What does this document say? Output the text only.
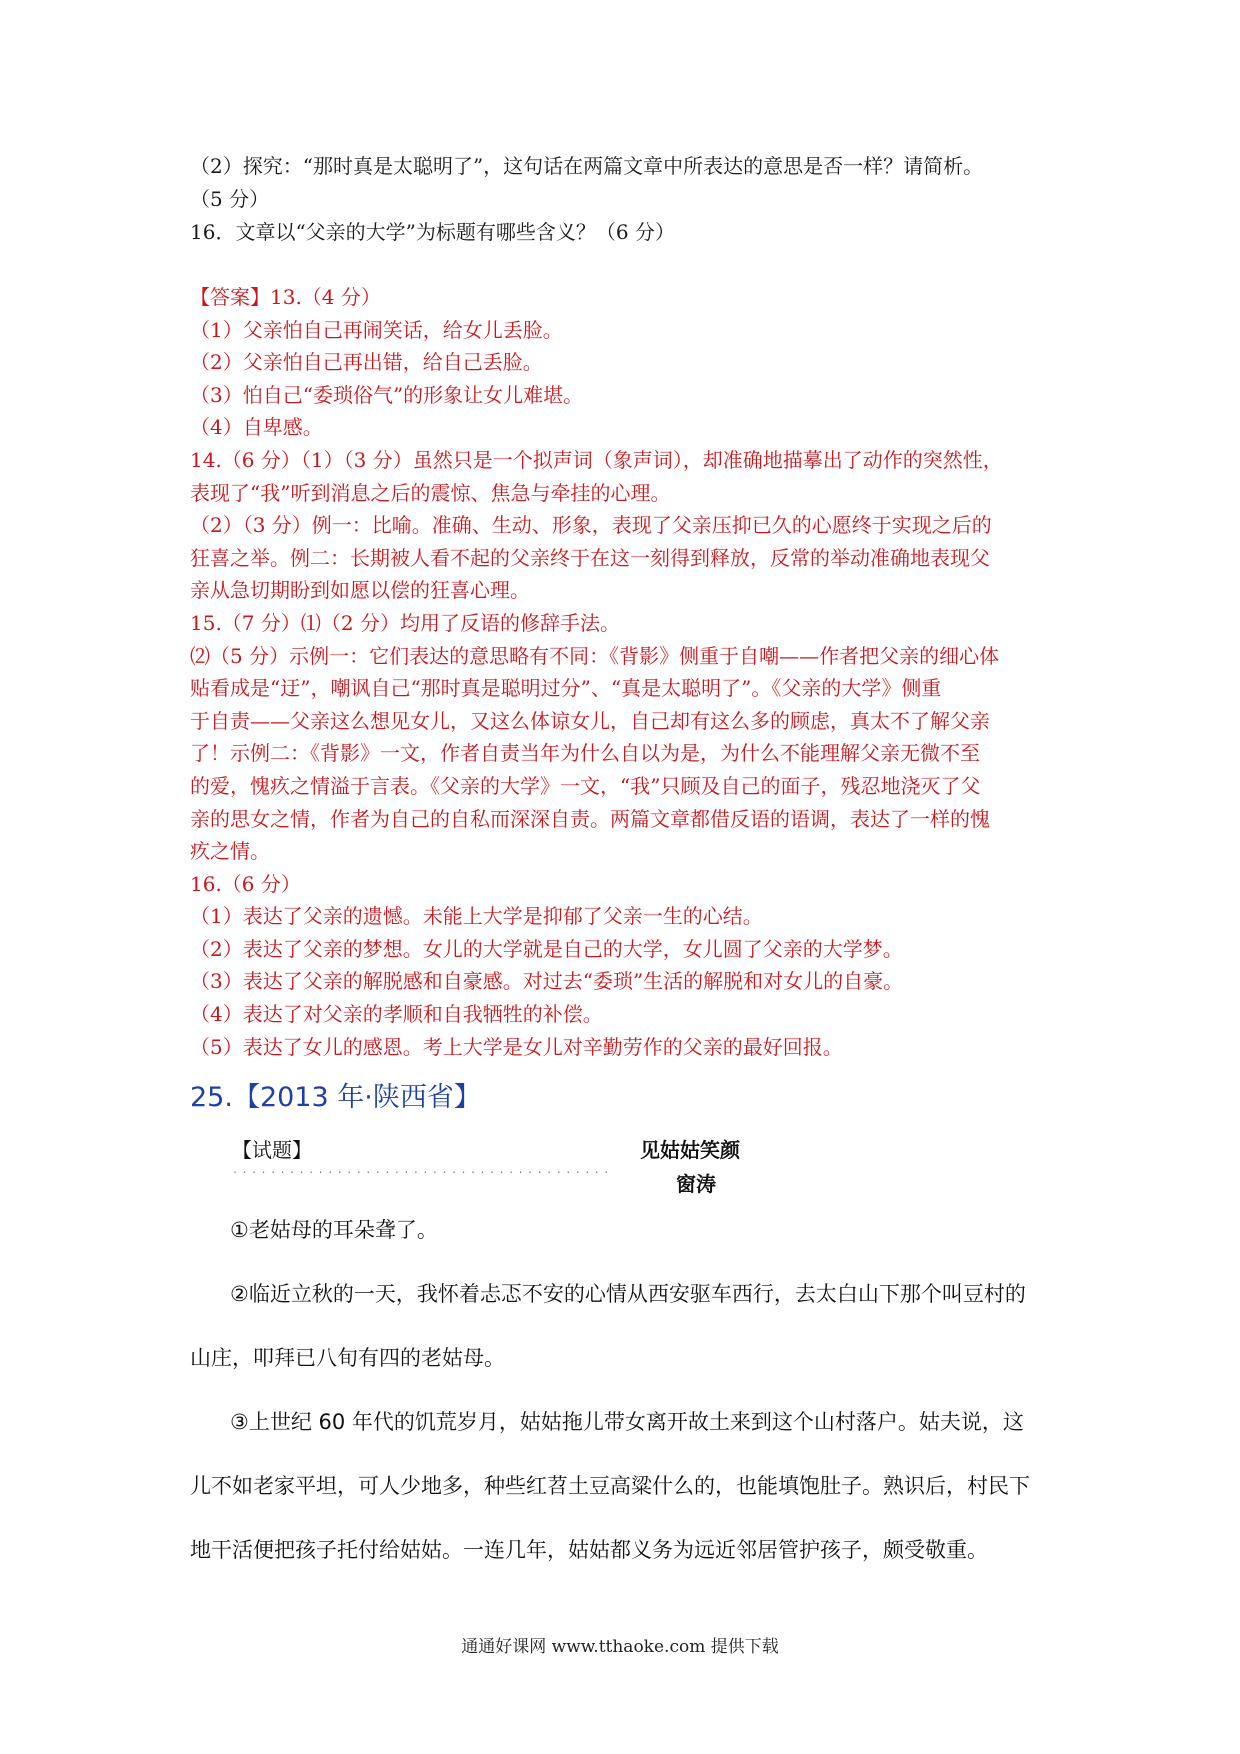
（2）探究：“那时真是太聪明了”，这句话在两篇文章中所表达的意思是否一样？请简析。
（5 分）
16．文章以“父亲的大学”为标题有哪些含义？（6 分）
【答案】13.（4 分）
（1）父亲怕自己再闹笑话，给女儿丢脸。
（2）父亲怕自己再出错，给自己丢脸。
（3）怕自己“委琐俗气”的形象让女儿难堪。
（4）自卑感。
14.（6 分）（1）（3 分）虽然只是一个拟声词（象声词），却准确地描摹出了动作的突然性，
表现了“我”听到消息之后的震惊、焦急与牵挂的心理。
（2）（3 分）例一：比喻。准确、生动、形象，表现了父亲压抑已久的心愿终于实现之后的
狂喜之举。例二：长期被人看不起的父亲终于在这一刻得到释放，反常的举动准确地表现父
亲从急切期盼到如愿以偿的狂喜心理。
15.（7 分）⑴（2 分）均用了反语的修辞手法。
⑵（5 分）示例一：它们表达的意思略有不同：《背影》侧重于自嘲——作者把父亲的细心体
贴看成是“迂”，嘲讽自己“那时真是聪明过分”、“真是太聪明了”。《父亲的大学》侧重
于自责——父亲这么想见女儿，又这么体谅女儿，自己却有这么多的顾虑，真太不了解父亲
了！示例二：《背影》一文，作者自责当年为什么自以为是，为什么不能理解父亲无微不至
的爱，愧疚之情溢于言表。《父亲的大学》一文，“我”只顾及自己的面子，残忍地浇灭了父
亲的思女之情，作者为自己的自私而深深自责。两篇文章都借反语的语调，表达了一样的愧
疚之情。
16.（6 分）
（1）表达了父亲的遗憾。未能上大学是抑郁了父亲一生的心结。
（2）表达了父亲的梦想。女儿的大学就是自己的大学，女儿圆了父亲的大学梦。
（3）表达了父亲的解脱感和自豪感。对过去“委琐”生活的解脱和对女儿的自豪。
（4）表达了对父亲的孝顺和自我牺牲的补偿。
（5）表达了女儿的感恩。考上大学是女儿对辛勤劳作的父亲的最好回报。
25.【2013 年·陕西省】
【试题】	见姑姑笑颜
........................................
窗涛

①老姑母的耳朵聋了。

②临近立秋的一天，我怀着忐忑不安的心情从西安驱车西行，去太白山下那个叫豆村的

山庄，叩拜已八旬有四的老姑母。

③上世纪 60 年代的饥荒岁月，姑姑拖儿带女离开故土来到这个山村落户。姑夫说，这

儿不如老家平坦，可人少地多，种些红苕土豆高粱什么的，也能填饱肚子。熟识后，村民下

地干活便把孩子托付给姑姑。一连几年，姑姑都义务为远近邻居管护孩子，颇受敬重。

通通好课网 www.tthaoke.com 提供下载
